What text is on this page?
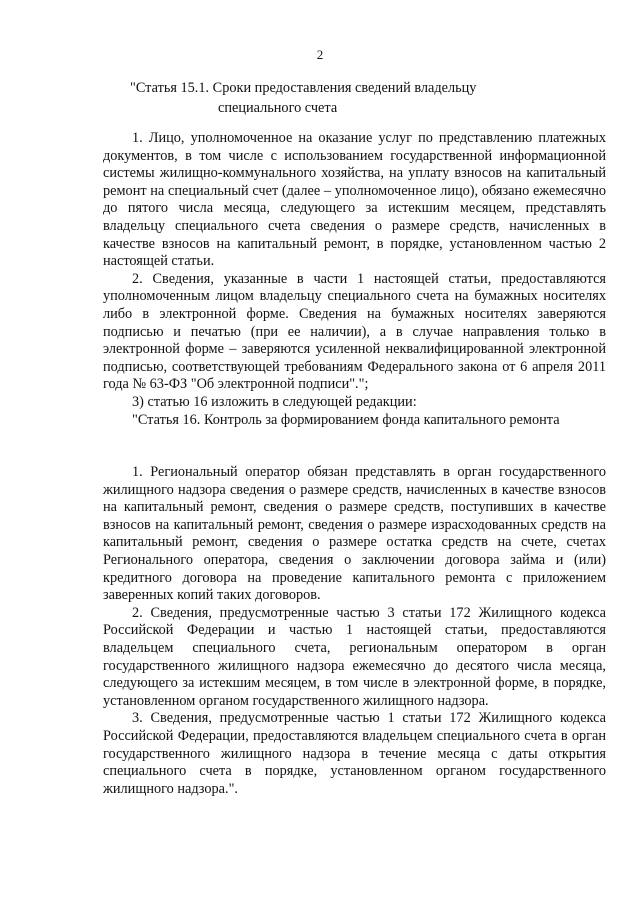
2
"Статья 15.1. Сроки предоставления сведений владельцу
специального счета

1. Лицо, уполномоченное на оказание услуг по представлению платежных документов, в том числе с использованием государственной информационной системы жилищно-коммунального хозяйства, на уплату взносов на капитальный ремонт на специальный счет (далее – уполномоченное лицо), обязано ежемесячно до пятого числа месяца, следующего за истекшим месяцем, представлять владельцу специального счета сведения о размере средств, начисленных в качестве взносов на капитальный ремонт, в порядке, установленном частью 2 настоящей статьи.

2. Сведения, указанные в части 1 настоящей статьи, предоставляются уполномоченным лицом владельцу специального счета на бумажных носителях либо в электронной форме. Сведения на бумажных носителях заверяются подписью и печатью (при ее наличии), а в случае направления только в электронной форме – заверяются усиленной неквалифицированной электронной подписью, соответствующей требованиям Федерального закона от 6 апреля 2011 года № 63-ФЗ "Об электронной подписи".";

3) статью 16 изложить в следующей редакции:

"Статья 16. Контроль за формированием фонда капитального ремонта

1. Региональный оператор обязан представлять в орган государственного жилищного надзора сведения о размере средств, начисленных в качестве взносов на капитальный ремонт, сведения о размере средств, поступивших в качестве взносов на капитальный ремонт, сведения о размере израсходованных средств на капитальный ремонт, сведения о размере остатка средств на счете, счетах Регионального оператора, сведения о заключении договора займа и (или) кредитного договора на проведение капитального ремонта с приложением заверенных копий таких договоров.

2. Сведения, предусмотренные частью 3 статьи 172 Жилищного кодекса Российской Федерации и частью 1 настоящей статьи, предоставляются владельцем специального счета, региональным оператором в орган государственного жилищного надзора ежемесячно до десятого числа месяца, следующего за истекшим месяцем, в том числе в электронной форме, в порядке, установленном органом государственного жилищного надзора.

3. Сведения, предусмотренные частью 1 статьи 172 Жилищного кодекса Российской Федерации, предоставляются владельцем специального счета в орган государственного жилищного надзора в течение месяца с даты открытия специального счета в порядке, установленном органом государственного жилищного надзора.".
